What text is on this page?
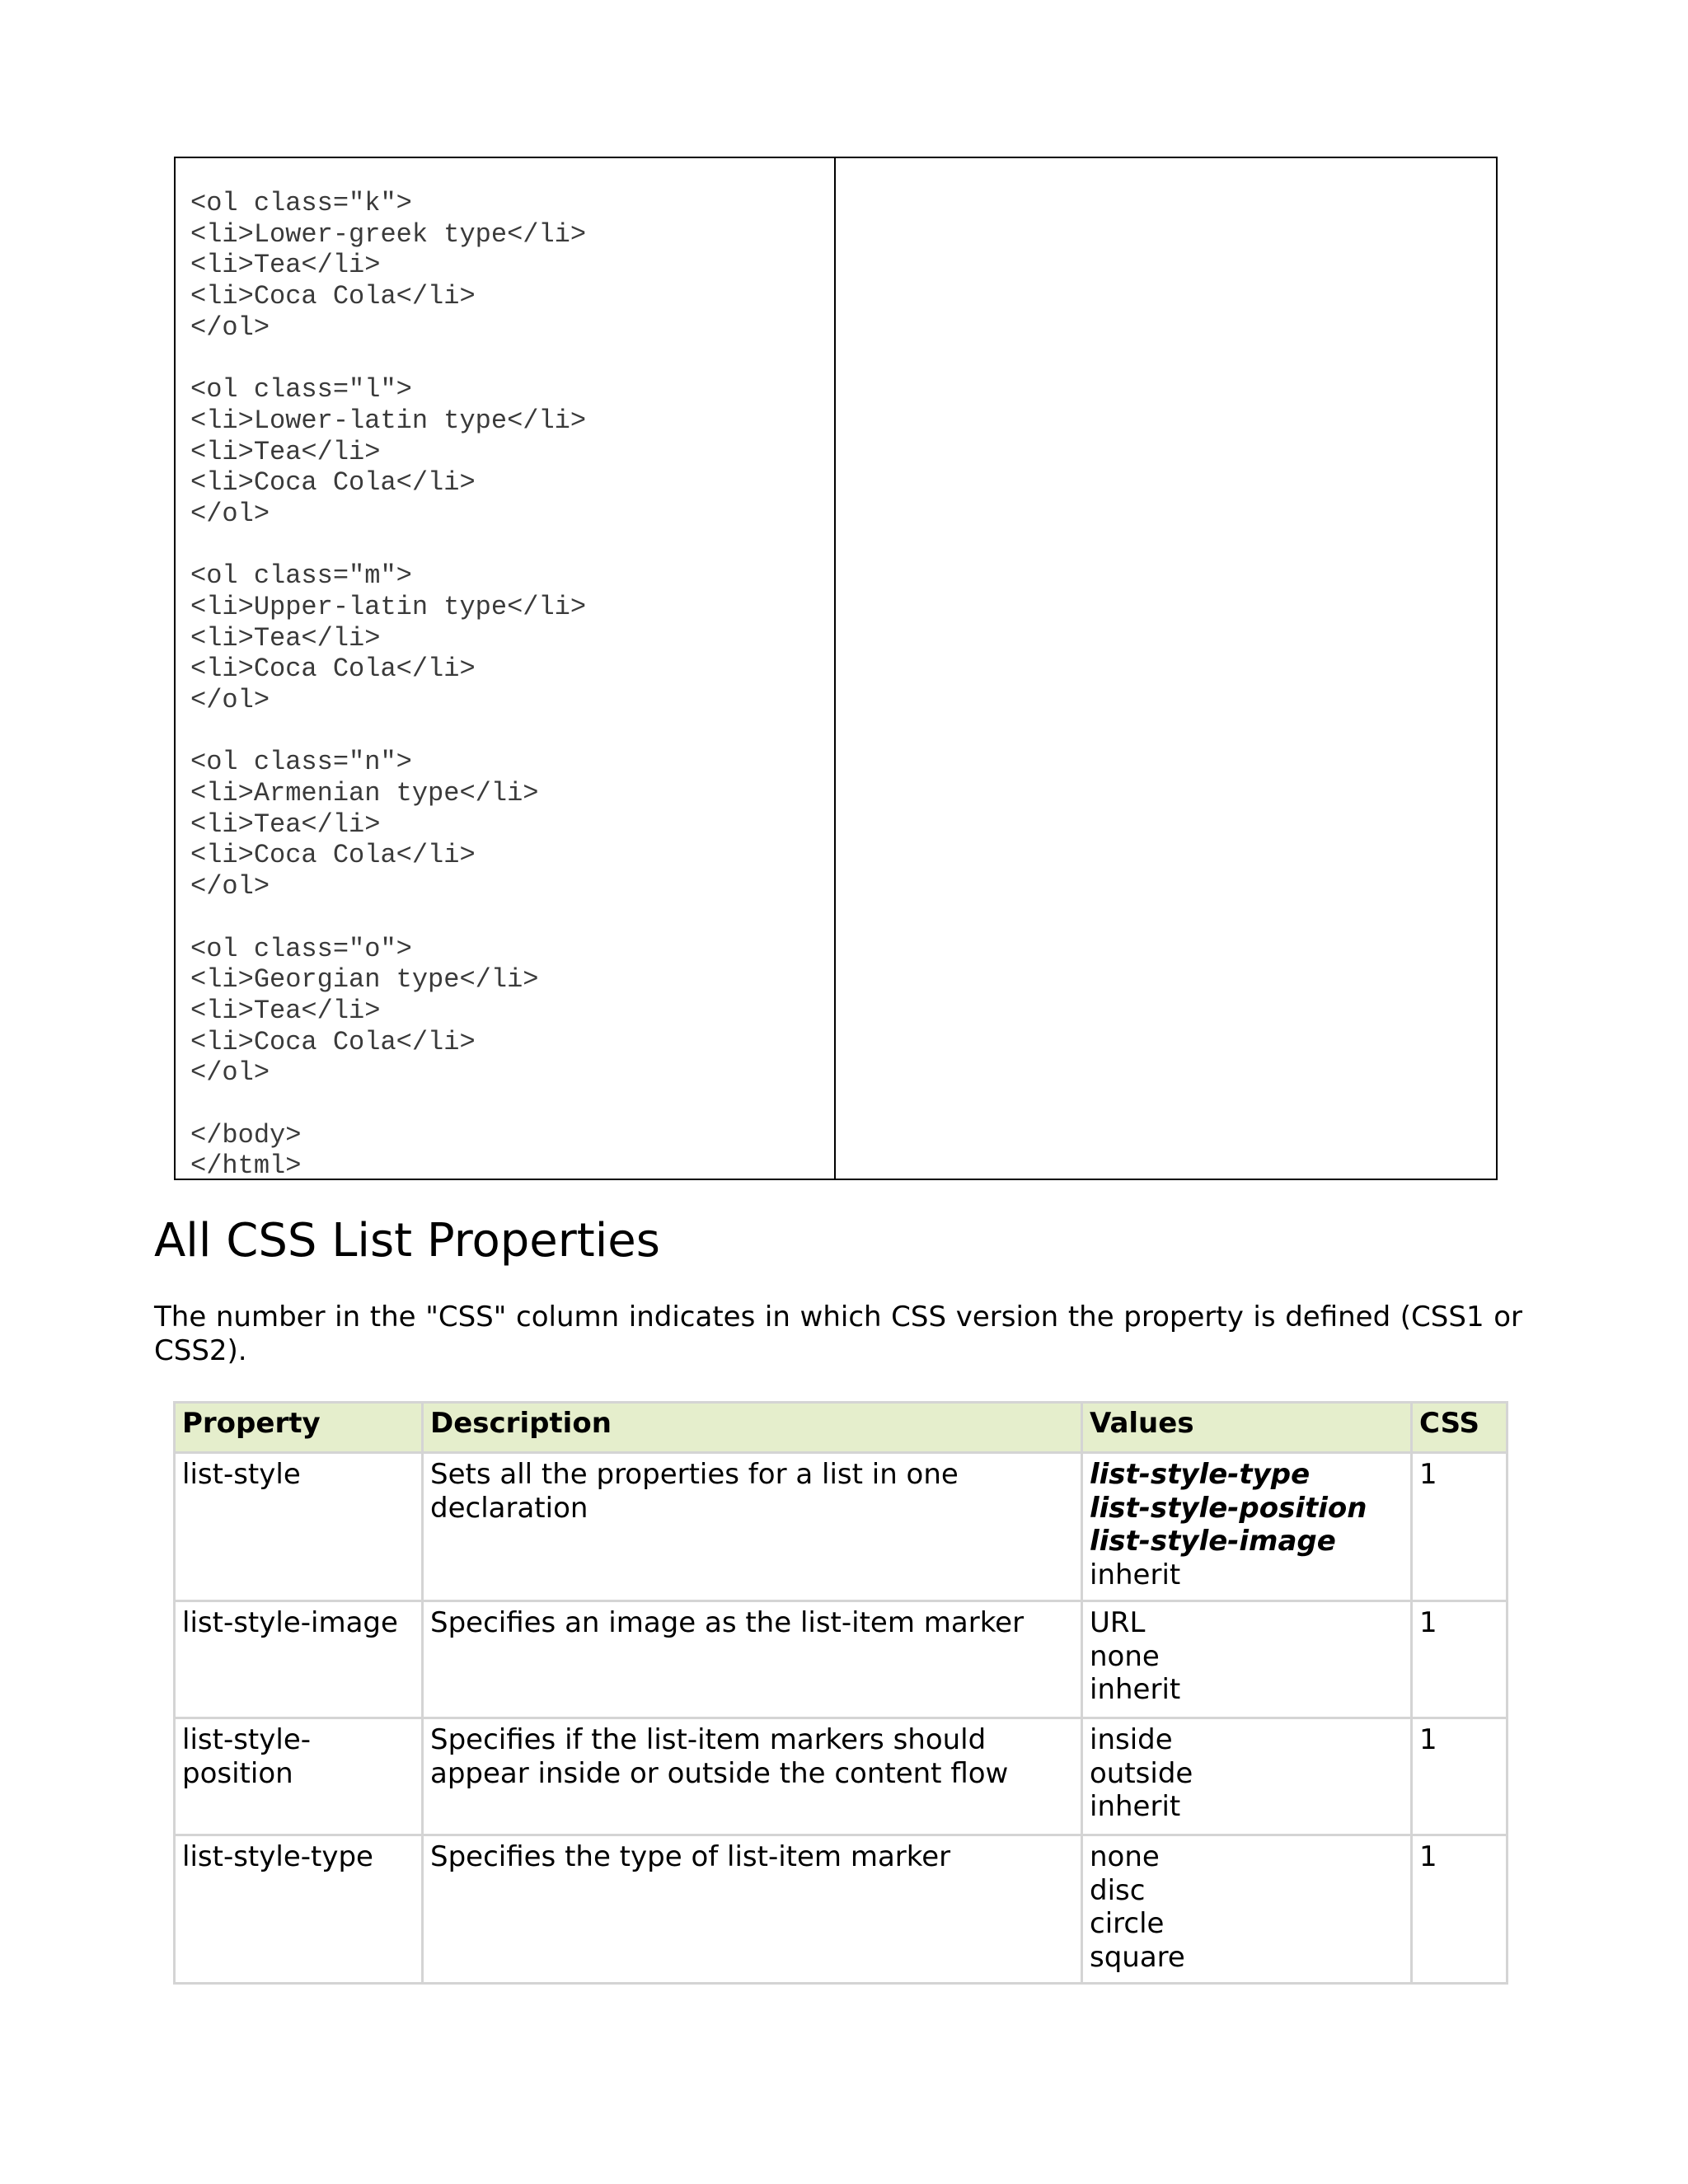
<ol class="k">
<li>Lower-greek type</li>
<li>Tea</li>
<li>Coca Cola</li>
</ol>
<ol class="l">
<li>Lower-latin type</li>
<li>Tea</li>
<li>Coca Cola</li>
</ol>
<ol class="m">
<li>Upper-latin type</li>
<li>Tea</li>
<li>Coca Cola</li>
</ol>
<ol class="n">
<li>Armenian type</li>
<li>Tea</li>
<li>Coca Cola</li>
</ol>
<ol class="o">
<li>Georgian type</li>
<li>Tea</li>
<li>Coca Cola</li>
</ol>
</body>
</html>
All CSS List Properties

The number in the "CSS" column indicates in which CSS version the property is defined (CSS1 or CSS2).

Property	Description	Values	CSS
list-style	Sets all the properties for a list in one declaration	list-style-type
list-style-position
list-style-image
inherit	1
list-style-image	Specifies an image as the list-item marker	URL
none
inherit	1
list-style-position	Specifies if the list-item markers should appear inside or outside the content flow	inside
outside
inherit	1
list-style-type	Specifies the type of list-item marker	none
disc
circle
square	1
